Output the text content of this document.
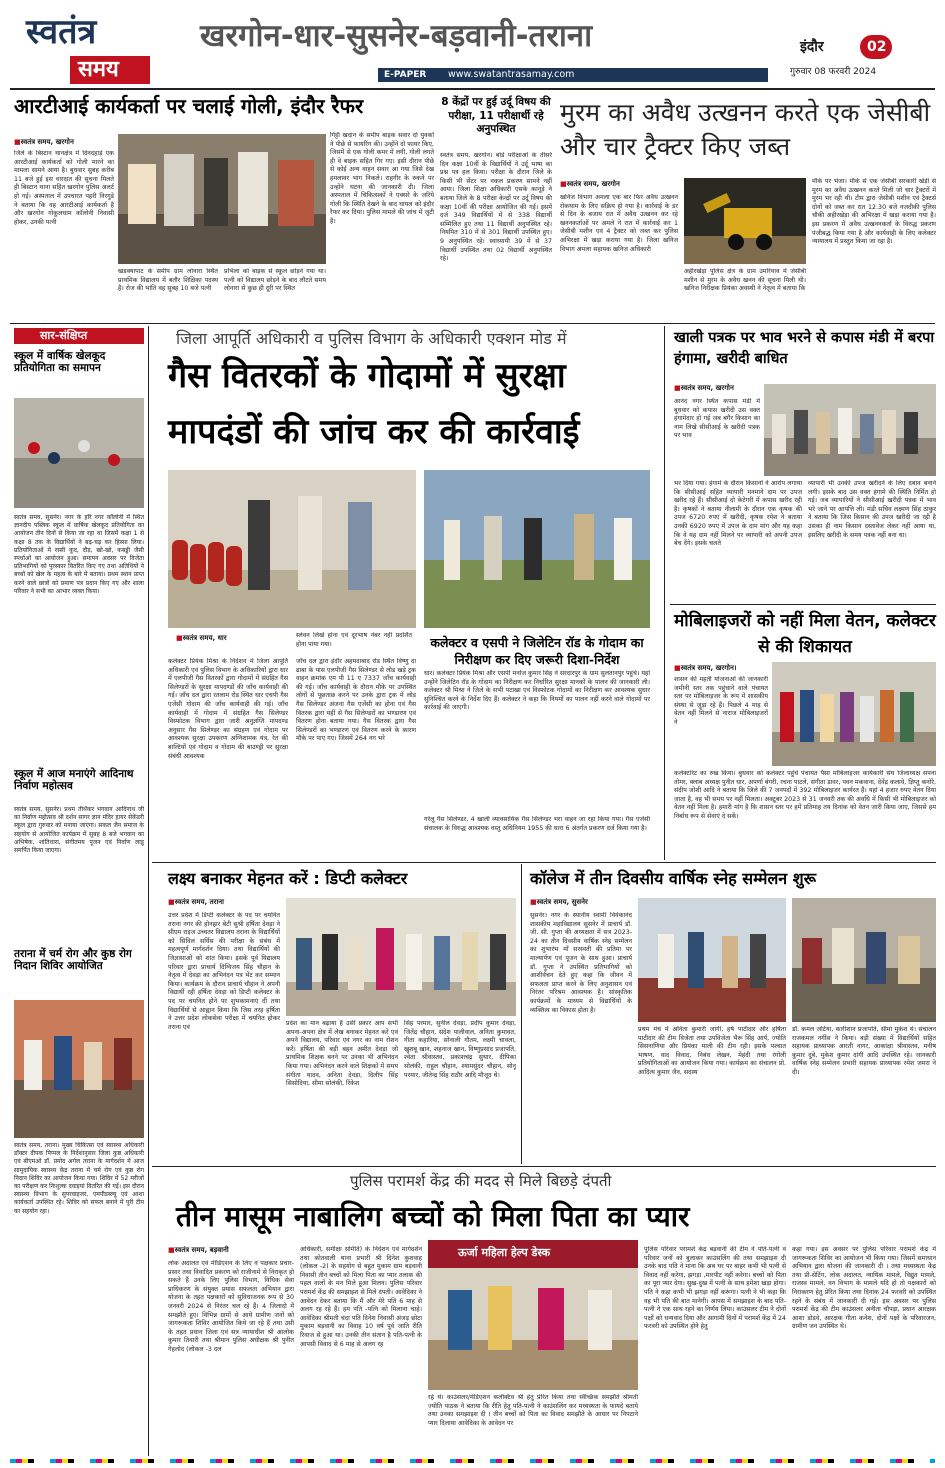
स्वतंत्र
समय
खरगोन-धार-सुसनेर-बड़वानी-तराना
E-PAPER www.swatantrasamay.com
इंदौर	02
गुरुवार 08 फरवरी 2024
आरटीआई कार्यकर्ता पर चलाई गोली, इंदौर रैफर
■ स्वतंत्र समय, खरगोन
जिले के बिस्टान थानक्षेत्र में दिनदहाड़े एक आरटीआई कार्यकर्ता को गोली मारने का मामला सामने आया है। बुधवार सुबह करीब 11 बजे हुई इस वारदात की सूचना मिलते ही बिस्टान थाना सहित खरगोन पुलिस अलर्ट हो गई। अस्पताल में उपचारत पहरी निरगुडे ने बताया कि वह आरटीआई कार्यकर्ता है और खरगोन गोकुलधाम कॉलोनी निवासी होकर, उनकी पत्नी
खडक्यापाट के समीप ग्राम लोनारा स्थित प्राथमिक विद्यालय में बतौर शिक्षिका पदस्थ है। रोज की भांति वह सुबह 10 बजे पत्नी
प्रभिला को बाइक से स्कूल छोड़ने गया था। पत्नी को विद्यालय छोड़ने के बाद लौटते समय लोनारा से कुछ ही दूरी पर स्थित
गिट्टी खदान के समीप बाइक सवार दो युवकों ने पीछे से फायरिंग की। उन्होंने दो फायर किए, जिसमें से एक गोली कमर में लगी, गोली लगते ही वे बाइक सहित गिर गए। इसी दौरान पीछे से कोई अन्य वाहन सवार आ गया जिसे देख हमलावर भाग निकले। राहगीर के रुकने पर उन्होंने घटना की जानकारी दी। जिला अस्पताल में चिकित्सकों ने एक्सरे के जरिये गोली कि स्थिति देखने के बाद घायल को इंदौर रैफर कर दिया। पुलिस मामले की जांच में जुटी है।
8 केंद्रों पर हुई उर्दू विषय की परीक्षा, 11 परीक्षार्थी रहे अनुपस्थित
स्वतंत्र समय, खरगोन। बोर्ड परीक्षाओं के तीसरे दिन कक्षा 10वीं के विद्यार्थियों ने उर्दू भाषा का प्रश्न पत्र हल किया। परीक्षा के दौरान जिले के किसी भी सेंटर पर नकल प्रकरण सामने नहीं आया। जिला शिक्षा अधिकारी एसके कानूड़े ने बताया जिले के 8 परीक्षा केन्द्रों पर उर्दू विषय की कक्षा 10वीं की परीक्षा आयोजित की गई। इसमें दर्ज 349 विद्यार्थियों में से 338 विद्यार्थी सम्मिलित हुए तथा 11 विद्यार्थी अनुपस्थित रहे। नियमित 310 में से 301 विद्यार्थी उपस्थित हुए। 9 अनुपस्थित रहे। स्वाध्यायी 39 में से 37 विद्यार्थी उपस्थित तथा 02 विद्यार्थी अनुपस्थित रहे।
मुरम का अवैध उत्खनन करते एक जेसीबी और चार ट्रैक्टर किए जब्त
■ स्वतंत्र समय, खरगोन
खनिज विभाग अमला एक बार फिर अवैध उत्खनन रोकथाम के लिए सक्रिय हो गया है। कार्रवाई के डर से दिन के बजाय रात में अवैध उत्खनन कर रहे खननकर्ताओं पर अमले ने रात में कार्रवाई कर 1 जेसीबी मशीन एवं 4 ट्रैक्टर को जब्त कर पुलिस अभिरक्षा में खड़ा कराया गया है। जिला खनिज विभाग अमला सहायक खनिज अधिकारी
अहीरखेड़ा पुलिस क्षेत्र के ग्राम उमरियाव में जेसीबी मशीन से मुरम के अवैध खनन की सूचना मिली थी। खनिज निरीक्षक प्रियंका अवस्थी ने नेतृत्व में बताया कि
मौके पर भेजा। मौके से एक जेसीबी सरकारी खेड़ी से मुरम का अवैध उत्खनन करते मिली जो चार ट्रैक्टरों में मुरम भर रही थी। टीम द्वारा जेसीबी मशीन एवं ट्रैक्टर्स दोनों को जब्त कर रात 12.30 बजे नजदीकी पुलिस चौकी अहीरखेड़ा की अभिरक्षा में खड़ा कराया गया है। इस प्रकरण में अवैध उत्खननकर्ता के विरुद्ध प्रकरण पंजीबद्ध किया गया है और कार्यवाही के लिए कलेक्टर न्यायालय में प्रस्तुत किया जा रहा है।
सार-संक्षिप्त
स्कूल में वार्षिक खेलकूद प्रतियोगिता का समापन
स्वतंत्र समय, सुसनेर। नगर के हरि नगर कॉलोनी में स्थित ज्ञानदीप पब्लिक स्कूल में वार्षिक खेलकूद प्रतियोगिता का आयोजन तीन दिनों से किया जा रहा था जिसमें कक्षा 1 से कक्षा 8 तक के विद्यार्थियों ने बढ़-चढ़ कर हिस्सा लिया। प्रतियोगिताओं में रस्सी कूद, दौड़, खो-खो, कबड्डी जैसी स्पर्धाओं का आयोजन हुआ। समापन अवसर पर विजेता प्रतिभागियों को पुरस्कार वितरित किए गए तथा अतिथियों ने बच्चों को खेल के महत्व के बारे में बताया। प्रथम स्थान प्राप्त करने वाले छात्रों को प्रमाण पत्र प्रदान किए गए और शाला परिवार ने सभी का आभार व्यक्त किया।
स्कूल में आज मनाएंगे आदिनाथ निर्वाण महोत्सव
स्वतंत्र समय, सुसनेर। प्रथम तीर्थंकर भगवान आदिनाथ जी का निर्वाण महोत्सव श्री दर्शन सागर ज्ञान मंदिर हायर सेकेंडरी स्कूल द्वारा गुरुवार को मनाया जाएगा। सकल जैन समाज के सहयोग से आयोजित कार्यक्रम में सुबह 8 बजे भगवान का अभिषेक, शांतिधारा, संगीतमय पूजन एवं निर्वाण लाडू समर्पित किया जाएगा।
तराना में चर्म रोग और कुष्ठ रोग निदान शिविर आयोजित
स्वतंत्र समय, तराना। मुख्य चिकित्सा एवं स्वास्थ्य अधिकारी डॉक्टर दीपक पिप्पल के निर्देशानुसार जिला कुष्ठ अधिकारी एवं बीएमओ डॉ. प्रमोद अर्गल तराना के मार्गदर्शन में आज सामुदायिक स्वास्थ्य केंद्र तराना में चर्म रोग एवं कुष्ठ रोग निदान शिविर का आयोजन किया गया। शिविर में 52 मरीजों का परीक्षण कर निःशुल्क दवाइयां वितरित की गईं। इस दौरान स्वास्थ्य विभाग के सुपरवाइजर, एमपीडब्ल्यू एवं आशा कार्यकर्ता उपस्थित रहे। शिविर को सफल बनाने में पूरी टीम का सहयोग रहा।
जिला आपूर्ति अधिकारी व पुलिस विभाग के अधिकारी एक्शन मोड में
गैस वितरकों के गोदामों में सुरक्षा
मापदंडों की जांच कर की कार्रवाई
■ स्वतंत्र समय, धार	स्लेवन लिखें होना एवं दूरभाष नंबर नहीं प्रदर्शित होना पाया गया।
कलेक्टर प्रियंक मिश्रा के निर्देशन में जिला आपूर्ति अधिकारी एवं पुलिस विभाग के अधिकारियों द्वारा धार में एलपीजी गैस वितरकों द्वारा गोदामों में संग्रहित गैस सिलेण्डरों के सुरक्षा मापदण्डों की जाँच कार्यवाही की गई। जाँच दल द्वारा रतलाम रोड स्थित धार एचपी गैस एजेंसी गोदाम की जाँच कार्यवाही की गई। जाँच कार्यवाही में गोदाम में संग्रहित गैस सिलेण्डर विस्फोटक विभाग द्वारा जारी अनुज्ञप्ति मापदण्ड अनुसार गैस सिलेण्डर का संग्रहण एवं गोदाम पर आवश्यक सुरक्षा उपकरण अग्निशामक यंत्र, रेत की बाल्टियों एवं गोदाम व गोदाम की बाउण्ड्री पर सुरक्षा संबंधी आवश्यक
जाँच दल द्वारा इंदौर अहमदाबाद रोड स्थित विष्णु दा ढाबा के पास एलपीजी गैस सिलेण्डर से लोड खड़े ट्रक वाहन क्रमांक एम पी 11 ए 7337 जाँच कार्यवाही की गई। जाँच कार्यवाही के दौरान मौके पर उपस्थित लोगों से पूछताछ करने पर उनके द्वारा ट्रक में लोड गैस सिलेण्डर अंजना गैस एजेंसी का होना एवं गैस वितरक द्वारा यहीं से गैस सिलेण्डरों का भण्डारण एवं वितरण होना बताया गया। गैस वितरक द्वारा गैस सिलेण्डरों का भण्डारण एवं वितरण करने के कारण मौके पर पाए गए। जिसमें 264 नग भरे
कलेक्टर व एसपी ने जिलेटिन रॉड के गोदाम का निरीक्षण कर दिए जरूरी दिशा-निर्देश
धार। कलेक्टर प्रियंक मिश्रा और एसपी मनोज कुमार सिंह ने सरदारपुर के ग्राम सुलतानपुर पहुंचे। यहां उन्होंने जिलेटिन रॉड के गोदाम का निरीक्षण कर निर्धारित सुरक्षा मानकों के पालन की जानकारी ली। कलेक्टर श्री मिश्रा ने जिले के सभी पटाखा एवं विस्फोटक गोदामों का निरीक्षण कर आवश्यक सुधार सुनिश्चित करने के निर्देश दिए हैं। कलेक्टर ने कहा कि नियमों का पालन नहीं करने वाले गोदामों पर कार्रवाई की जाएगी।
गरेलू गैस सिलेण्डर, 4 खाली व्यावसायिक गैस सिलेण्डर भरा वाहन जा रहा किया गया। गैस एजेंसी संचालक के विरुद्ध आवश्यक वस्तु अधिनियम 1955 की धारा 6 अंतर्गत प्रकरण दर्ज किया गया है।
खाली पत्रक पर भाव भरने से कपास मंडी में बरपा हंगामा, खरीदी बाधित
■ स्वतंत्र समय, खरगोन
आनंद नगर स्थित कपास मंडी में बुधवार को कपास खरीदी उस वक्त हंगामेदार हो गई जब बगैर किसान का नाम लिखे सीसीआई के खरीदी पत्रक पर भाव
भर दिया गया। हंगामे के दौरान किसानों ने आरोप लगाया कि सीसीआई सहित व्यापारी मनमाने दाम पर उपज खरीद रहे हैं। सीसीआई दो केटेगरी में कपास खरीद रही है। कृषकों ने बताया नीलामी के दौरान एक कृषक की उपज 6720 रुपए में खरीदी, कृषक रमेश ने बताया उनकी 6920 रुपए में उपज के दाम मांग और यह कहा कि वे यह दाम नहीं मिलने पर व्यापारी को अपनी उपज बेच देंगे। इसके चलते
व्यापारी भी उनकी उपज खरीदने के लिए दबाव बनाने लगी। इसके बाद उस वक्त हंगामे की स्थिति निर्मित हो गई। जब व्यापारियों ने सीसीआई खरीदी पत्रक में भाव भरे जाने पर आपत्ति ली। मंडी सचिव लक्ष्मण सिंह ठाकुर ने बताया कि जिस किसान की उपज खरीदी जा रही है उसका ही नाम किसान दस्तावेज लेकर नहीं आया था, इसलिए खरीदी के समय पत्रक नहीं बना था।
मोबिलाइजरों को नहीं मिला वेतन, कलेक्टर से की शिकायत
■ स्वतंत्र समय, खरगोन।
शासन की महती योजनाओं की जानकारी जमीनी स्तर तक पहुंचाने वाले पंचायत स्तर पर मोबिलाइजर के रूप में शासकीय संस्था से जुड़ा रहे हैं। पिछले 4 माह से वेतन नहीं मिलने से नाराज मोबिलाइजरों ने
कलेक्टोरेट का रुख किया। बुधवार को कलेक्टर पहुंचे पंचायत पैसा मोबिलाइजर कार्यकारी संघ जिलाध्यक्ष सपना तोमर, क्लाब अध्यक्ष पुनीत धार, अपर्णा बंगरी, रचना पाटले, संगीता डावर, पवन मकवाना, देवेंद्र कलावे, ज्ञिप्तु कनोरे, संदीप जोशी आदि ने बताया कि जिले की 7 जनपदों में 392 मोबिलाइजर कार्यरत हैं। यहां 4 हजार रुपए वेतन दिया जाता है, वह भी समय पर नहीं मिलता। अक्टूबर 2023 से 31 जनवरी तक की अवधि में किसी भी मोबिलाइजर को वेतन नहीं मिला है। हमारी मांग है कि शासन स्तर पर हमें प्रतिमाह तय दिनांक को वेतन जारी किया जाए, जिससे हम निर्बाध रूप से सेवाएं दे सकें।
लक्ष्य बनाकर मेहनत करें : डिप्टी कलेक्टर
■ स्वतंत्र समय, तराना
उत्तर प्रदेश में डिप्टी कलेक्टर के पद पर चयनित तराना नगर की होनहार बेटी सुश्री हर्षिता देवड़ा ने सीएम राइज उच्चतर विद्यालय तराना के विद्यार्थियों को सिविल सर्विस की परीक्षा के संबंध में महत्वपूर्ण मार्गदर्शन दिया। तथा विद्यार्थियों की जिज्ञासाओं को शांत किया। इसके पूर्व विद्यालय परिवार द्वारा प्राचार्य दिग्विजय सिंह चौहान के नेतृत्व में देवड़ा का अभिनंदन पत्र भेंट कर सम्मान किया। कार्यक्रम के दौरान प्राचार्य चौहान ने अपनी विद्यार्थी रही हर्षिता देवड़ा को डिप्टी कलेक्टर के पद पर चयनित होने पर शुभकामनाएं दीं तथा विद्यार्थियों से आह्वान किया कि जिस तरह हर्षिता ने उत्तर प्रदेश लोकसेवा परीक्षा में चयनित होकर तराना एवं
प्रदेश का मान बढ़ाया है उसी प्रकार आप सभी अपना-अपना क्षेत्र में लेख बनाकर मेहनत करें एवं अपने विद्यालय, परिवार एवं नगर का नाम रोशन करें। हर्षिता की बड़ी बहन अमीत देवड़ा जो प्राथमिक शिक्षक बनने पर उनका भी अभिनंदन किया गया। अभिनंदन करने वाले शिक्षकों में समय संगीता यादव, अनिता देवड़ा, दिलीप सिंह सिसोदिया, सीमा सोलंकी, रिंकेश
सिंह परमार, सुनील देवड़ा, प्रदीप कुमार देवड़ा, जितेंद्र चौहान, संदेश पालीवाल, अनिता कुमावत, गीता कहारिया, सोनाली गौतम, लक्ष्मी चावला, खुशबू खान, शहनाज खान, विष्णुप्रसाद प्रजापति, श्वेता श्रीवास्तव, प्रकाशचंद्र सुथार, दीपिका सोलंकी, राहुल चौहान, श्यामसुंदर चौहान, सोनू परमार, जीतेन्द्र सिंह राठौर आदि मौजूद थे।
कॉलेज में तीन दिवसीय वार्षिक स्नेह सम्मेलन शुरू
■ स्वतंत्र समय, सुसनेर
सुसनेर। नगर के स्थानीय स्वामी विवेकानंद शासकीय महाविद्यालय सुसनेर में प्राचार्य डॉ. जी. सी. गुप्ता की अध्यक्षता में सत्र 2023-24 का तीन दिवसीय वार्षिक स्नेह सम्मेलन का शुभारंभ माँ सरस्वती की प्रतिमा पर माल्यार्पण एवं पूजन के साथ हुआ। प्राचार्य डॉ. गुप्ता ने उपस्थित प्रतिभागियों को आशीर्वचन देते हुए कहा कि जीवन में सफलता प्राप्त करने के लिए अनुशासन एवं निरंतर परिश्रम आवश्यक है। सांस्कृतिक कार्यक्रमों के माध्यम से विद्यार्थियों के व्यक्तित्व का विकास होता है।
प्रथम मंच में अनिता कुमारी जांगी, हर्ष पाटीदार और हर्षिता पाटीदार की टीम विजेता तथा उपविजेता भैरू सिंह आर्य, ज्योति सिसनाणिया और प्रियंका माली की टीम रही। इसके पश्चात भाषण, वाद विवाद, निबंध लेखन, मेहंदी तथा रंगोली प्रतियोगिताओं का आयोजन किया गया। कार्यक्रम का संचालन प्रो. आदित्य कुमार जैन, सदस्य
डॉ. कमल जटिया, कारीशान प्रजापति, सीमा मुकेश थे। संचालन राजकमल नर्गीस ने किया। बड़ी संख्या में विद्यार्थियों सहित सहायक प्राध्यापक आरती नागर, आकांक्षा श्रीवास्तव, मनीष कुमार दुबे, मुकेश कुमार दांगी आदि उपस्थित रहे। जानकारी वार्षिक स्नेह सम्मेलन प्रभारी सहायक प्राध्यापक रमेश जमरा ने दी।
पुलिस परामर्श केंद्र की मदद से मिले बिछड़े दंपती
तीन मासूम नाबालिग बच्चों को मिला पिता का प्यार
■ स्वतंत्र समय, बड़वानी
लोक अदालत एवं मीडिएशन के लिए व पक्षकार प्रचार-प्रसार तथा विवादित प्रकरण को राजीनामे से निराकृत हो सकते हैं उनके लिए पुलिस विभाग, विधिक सेवा प्राधिकरण के संयुक्त प्रयास सफलता अभियान द्वारा योजना के तहत पक्षकारों को सुविधाजनक रूप से 30 जनवरी 2024 से निरंतर चल रहे हैं। 4 जिलादो में समझौते हुए। विभिन्न ग्रामों से आये ग्रामीण जनों को जागरूकता शिविर आयोजित किये जा रहे हैं तथा उसी के तहत प्रधान जिला एवं सत्र न्यायाधीश श्री आलोक कुमार तिवारी तथा श्रीमान पुलिस अधीक्षक श्री पुनीत गेहलोद (लोकल -3 दल
अधिकारी, समीक्षा समिति) के निर्देशन एवं मार्गदर्शन तथा कोतवाली थाना प्रभारी श्री दिनेश कुशवाह (लोकल -2) के सहयोग से बहुत मुकाम ग्राम बड़वानी निवासी तीन बच्चों को मिला पिता का प्यार तलाक की पहल वालों के मन मिले हुआ मिलन। पुलिस परिवार परामर्श केंद्र की समझाइश से मिले दंपती। आवेदिका ने आवेदन देकर बताया कि मैं और मेरे पति 6 माह से अलग रह रहे हैं। हम पति -पत्नि को मिलाना चाहे। आवेदिका श्रीमती चंदा पति दिनेश निवासी अंजड़ छोटा मुकाम बड़वानी का विवाह 10 वर्ष पूर्व जाति रीति रिवाज से हुआ था। उनकी तीन संतान है पति-पत्नी के आपसी विवाद से 6 माह से अलग रह
ऊर्जा महिला हेल्प डेस्क
रहे थे। काउंसलर/मेडिएशन कलेक्टिव श्री हेतु प्रेरित किया तथा स्वैच्छिक समझौते श्रीमती ज्योति पाठक ने बताया कि रीति हेतु पति-पत्नी ने काउंसलिंग कर मध्यस्थता के फायदे बताये तथा उनका समझाइश दी । तीन बच्चों को पिता का विवाद समझौते के आधार पर निपटाने प्यार दिलाया आवेदिका के आवेदन पर
पुलिस परिवार परामर्श केंद्र बड़वानी की टीम ने पति-पत्नी व परिवार जनों को बुलाकर काउंसलिंग की तथा समझाइश दी उनके बाद पति ने माना कि अब घर पर बाहर कभी भी पत्नी से विवाद नहीं करेगा, झगड़ा ,मारपीट नहीं करेगा। बच्चों को पिता का पूरा प्यार देगा। सुख-दुख में पत्नी के साथ हमेशा खड़ा होगा। पति ने कहा कभी भी झगड़ा नहीं करूंगा। पत्नी ने भी कहा कि वह भी पति की बात मानेगी। आपस में समझाइश के बाद पति-पत्नी ने एक साथ रहने का निर्णय लिया। काउंसलर टीम ने दोनों पक्षों को धन्यवाद दिया और आगामी दिनों में परामर्श केंद्र में 24 फरवरी को उपस्थित होने हेतु
कहा गया। इस अवसर पर पुलिस परिवार परामर्श केंद्र में जागरूकता शिविर का आयोजन भी किया गया। जिसमें समाधान अभियान द्वारा योजना की जानकारी दी । तथा मध्यस्थता केंद्र तथा प्री-सेटिंग, लोक अदालत, न्यायिक मामले, विद्युत मामले, राजस्व मामले, वन विभाग के मामले यदि हो तो पक्षकारों को निराकरण हेतु प्रेरित किया तथा दिनांक 24 फरवरी को उपस्थित रहने के संबंध में जानकारी दी गई। इस अवसर पर पुलिस परामर्श केंद्र की टीम काउंसलर अनीता चौपड़ा, प्रधान आरक्षक आशा डोडवे, आरक्षक गीता कनेश, दोनों पक्षों के परिवारजन, ग्रामीण जन उपस्थित थे।
